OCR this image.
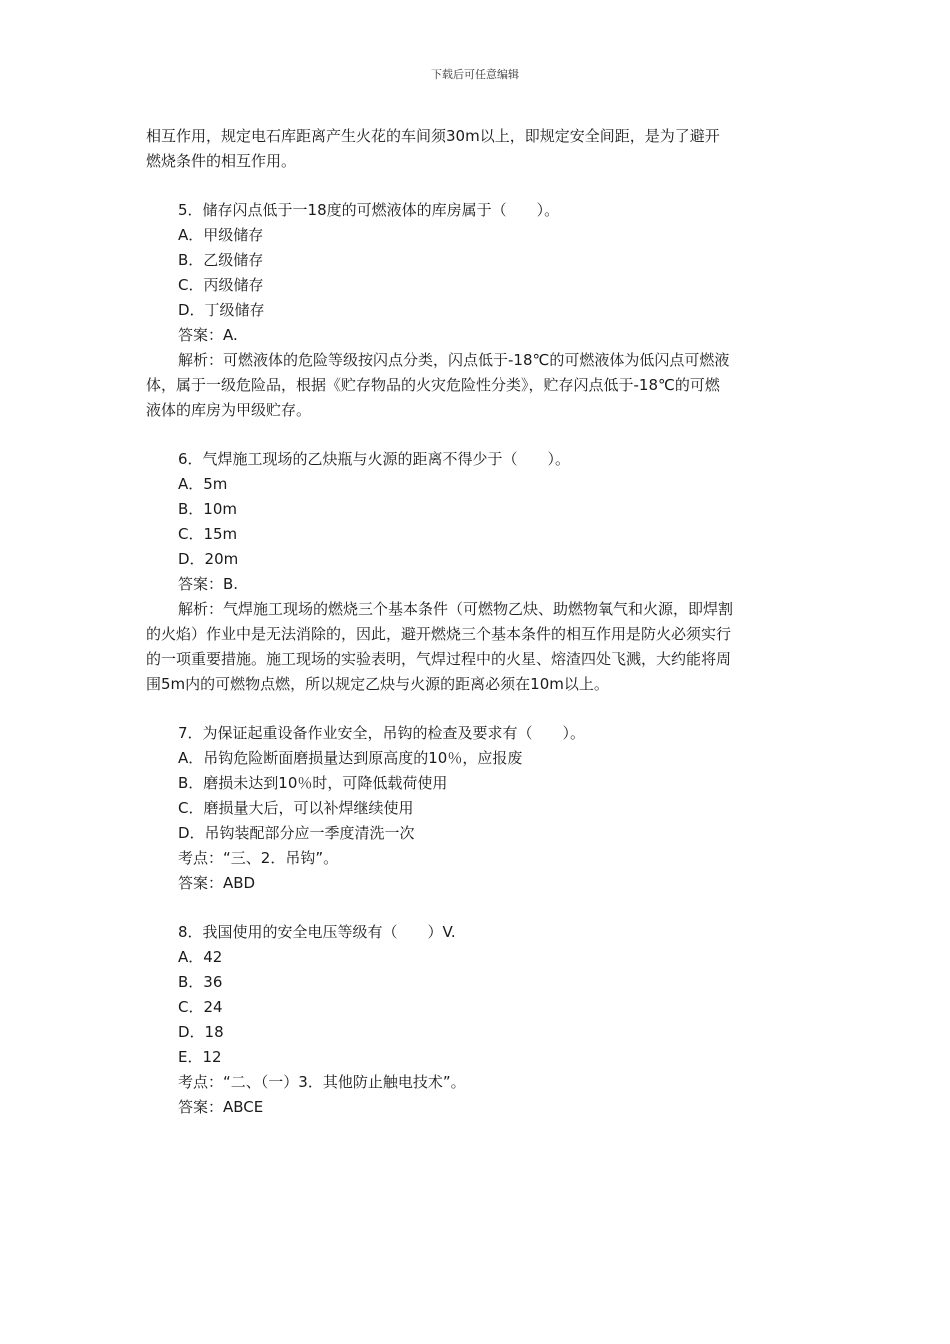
下载后可任意编辑

相互作用，规定电石库距离产生火花的车间须30m以上，即规定安全间距，是为了避开

燃烧条件的相互作用。

5．储存闪点低于一18度的可燃液体的库房属于（　　）。

A．甲级储存

B．乙级储存

C．丙级储存

D．丁级储存

答案：A.

解析：可燃液体的危险等级按闪点分类，闪点低于-18℃的可燃液体为低闪点可燃液

体，属于一级危险品，根据《贮存物品的火灾危险性分类》，贮存闪点低于-18℃的可燃

液体的库房为甲级贮存。

6．气焊施工现场的乙炔瓶与火源的距离不得少于（　　）。

A．5m

B．10m

C．15m

D．20m

答案：B.

解析：气焊施工现场的燃烧三个基本条件（可燃物乙炔、助燃物氧气和火源，即焊割

的火焰）作业中是无法消除的，因此，避开燃烧三个基本条件的相互作用是防火必须实行

的一项重要措施。施工现场的实验表明，气焊过程中的火星、熔渣四处飞溅，大约能将周

围5m内的可燃物点燃，所以规定乙炔与火源的距离必须在10m以上。

7．为保证起重设备作业安全，吊钩的检查及要求有（　　）。

A．吊钩危险断面磨损量达到原高度的10％，应报废

B．磨损未达到10％时，可降低载荷使用

C．磨损量大后，可以补焊继续使用

D．吊钩装配部分应一季度清洗一次

考点：“三、2．吊钩”。

答案：ABD

8．我国使用的安全电压等级有（　　）V.

A．42

B．36

C．24

D．18

E．12

考点：“二、（一）3．其他防止触电技术”。

答案：ABCE
